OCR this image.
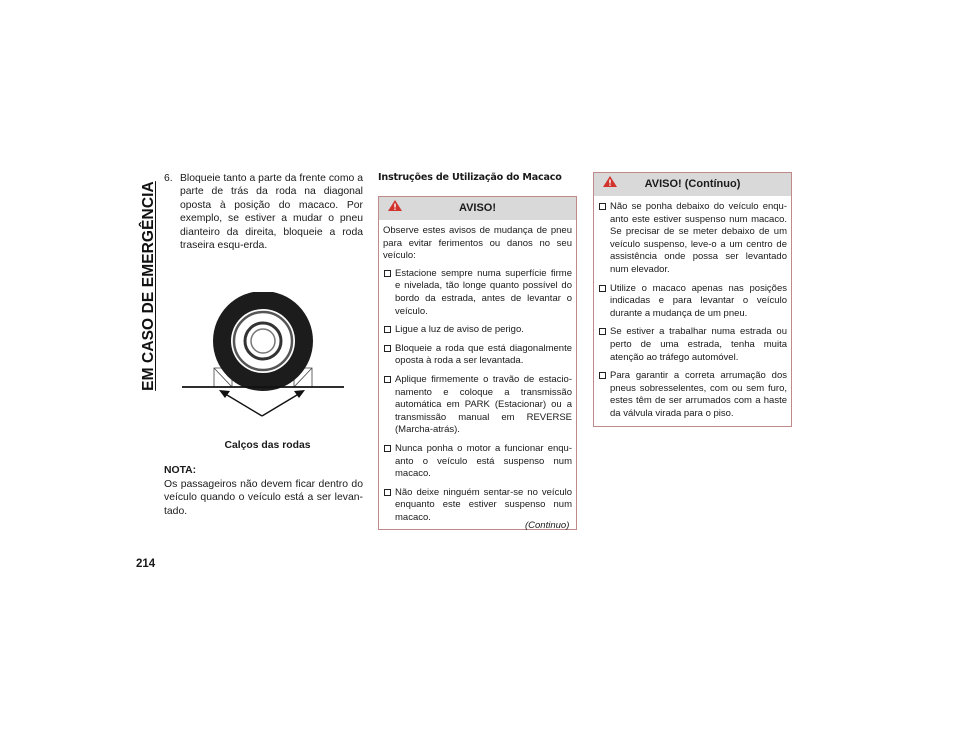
EM CASO DE EMERGÊNCIA
214
6. Bloqueie tanto a parte da frente como a parte de trás da roda na diagonal oposta à posição do macaco. Por exemplo, se estiver a mudar o pneu dianteiro da direita, bloqueie a roda traseira esqu-erda.
Calços das rodas
NOTA:
Os passageiros não devem ficar dentro do veículo quando o veículo está a ser levan-tado.
Instruções de Utilização do Macaco
AVISO!
Observe estes avisos de mudança de pneu para evitar ferimentos ou danos no seu veículo:
Estacione sempre numa superfície firme e nivelada, tão longe quanto possível do bordo da estrada, antes de levantar o veículo.
Ligue a luz de aviso de perigo.
Bloqueie a roda que está diagonalmente oposta à roda a ser levantada.
Aplique firmemente o travão de estacio-namento e coloque a transmissão automática em PARK (Estacionar) ou a transmissão manual em REVERSE (Marcha-atrás).
Nunca ponha o motor a funcionar enqu-anto o veículo está suspenso num macaco.
Não deixe ninguém sentar-se no veículo enquanto este estiver suspenso num macaco.
(Continuo)
AVISO! (Contínuo)
Não se ponha debaixo do veículo enqu-anto este estiver suspenso num macaco. Se precisar de se meter debaixo de um veículo suspenso, leve-o a um centro de assistência onde possa ser levantado num elevador.
Utilize o macaco apenas nas posições indicadas e para levantar o veículo durante a mudança de um pneu.
Se estiver a trabalhar numa estrada ou perto de uma estrada, tenha muita atenção ao tráfego automóvel.
Para garantir a correta arrumação dos pneus sobresselentes, com ou sem furo, estes têm de ser arrumados com a haste da válvula virada para o piso.
